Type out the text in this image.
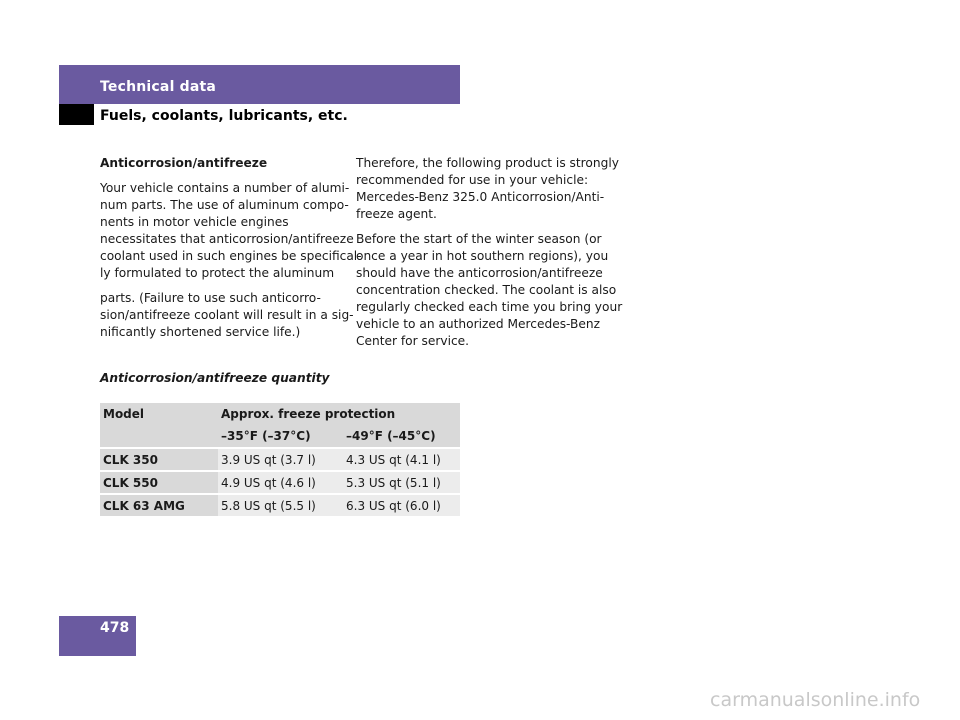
Technical data
Fuels, coolants, lubricants, etc.

Anticorrosion/antifreeze

Your vehicle contains a number of alumi-
num parts. The use of aluminum compo-
nents in motor vehicle engines
necessitates that anticorrosion/antifreeze
coolant used in such engines be specifical-
ly formulated to protect the aluminum

parts. (Failure to use such anticorro-
sion/antifreeze coolant will result in a sig-
nificantly shortened service life.)

Therefore, the following product is strongly
recommended for use in your vehicle:
Mercedes-Benz 325.0 Anticorrosion/Anti-
freeze agent.

Before the start of the winter season (or
once a year in hot southern regions), you
should have the anticorrosion/antifreeze
concentration checked. The coolant is also
regularly checked each time you bring your
vehicle to an authorized Mercedes-Benz
Center for service.

Anticorrosion/antifreeze quantity
Model	Approx. freeze protection	
	–35°F (–37°C)	–49°F (–45°C)
CLK 350	3.9 US qt (3.7 l)	4.3 US qt (4.1 l)
CLK 550	4.9 US qt (4.6 l)	5.3 US qt (5.1 l)
CLK 63 AMG	5.8 US qt (5.5 l)	6.3 US qt (6.0 l)
478
carmanualsonline.info
